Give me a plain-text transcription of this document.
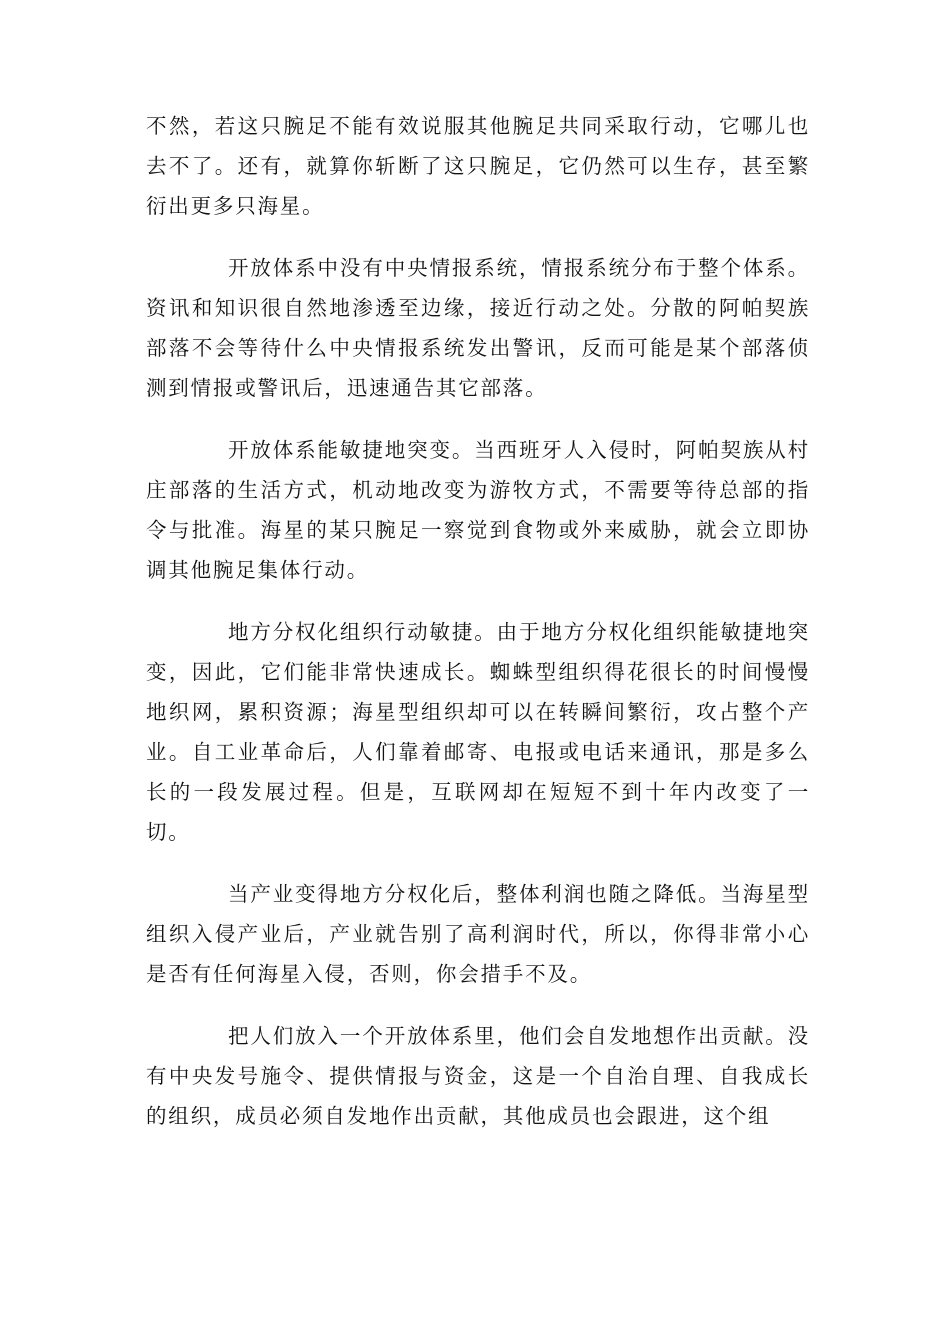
不然，若这只腕足不能有效说服其他腕足共同采取行动，它哪儿也去不了。还有，就算你斩断了这只腕足，它仍然可以生存，甚至繁衍出更多只海星。

开放体系中没有中央情报系统，情报系统分布于整个体系。资讯和知识很自然地渗透至边缘，接近行动之处。分散的阿帕契族部落不会等待什么中央情报系统发出警讯，反而可能是某个部落侦测到情报或警讯后，迅速通告其它部落。

开放体系能敏捷地突变。当西班牙人入侵时，阿帕契族从村庄部落的生活方式，机动地改变为游牧方式，不需要等待总部的指令与批准。海星的某只腕足一察觉到食物或外来威胁，就会立即协调其他腕足集体行动。

地方分权化组织行动敏捷。由于地方分权化组织能敏捷地突变，因此，它们能非常快速成长。蜘蛛型组织得花很长的时间慢慢地织网，累积资源；海星型组织却可以在转瞬间繁衍，攻占整个产业。自工业革命后，人们靠着邮寄、电报或电话来通讯，那是多么长的一段发展过程。但是，互联网却在短短不到十年内改变了一切。

当产业变得地方分权化后，整体利润也随之降低。当海星型组织入侵产业后，产业就告别了高利润时代，所以，你得非常小心是否有任何海星入侵，否则，你会措手不及。

把人们放入一个开放体系里，他们会自发地想作出贡献。没有中央发号施令、提供情报与资金，这是一个自治自理、自我成长的组织，成员必须自发地作出贡献，其他成员也会跟进，这个组
